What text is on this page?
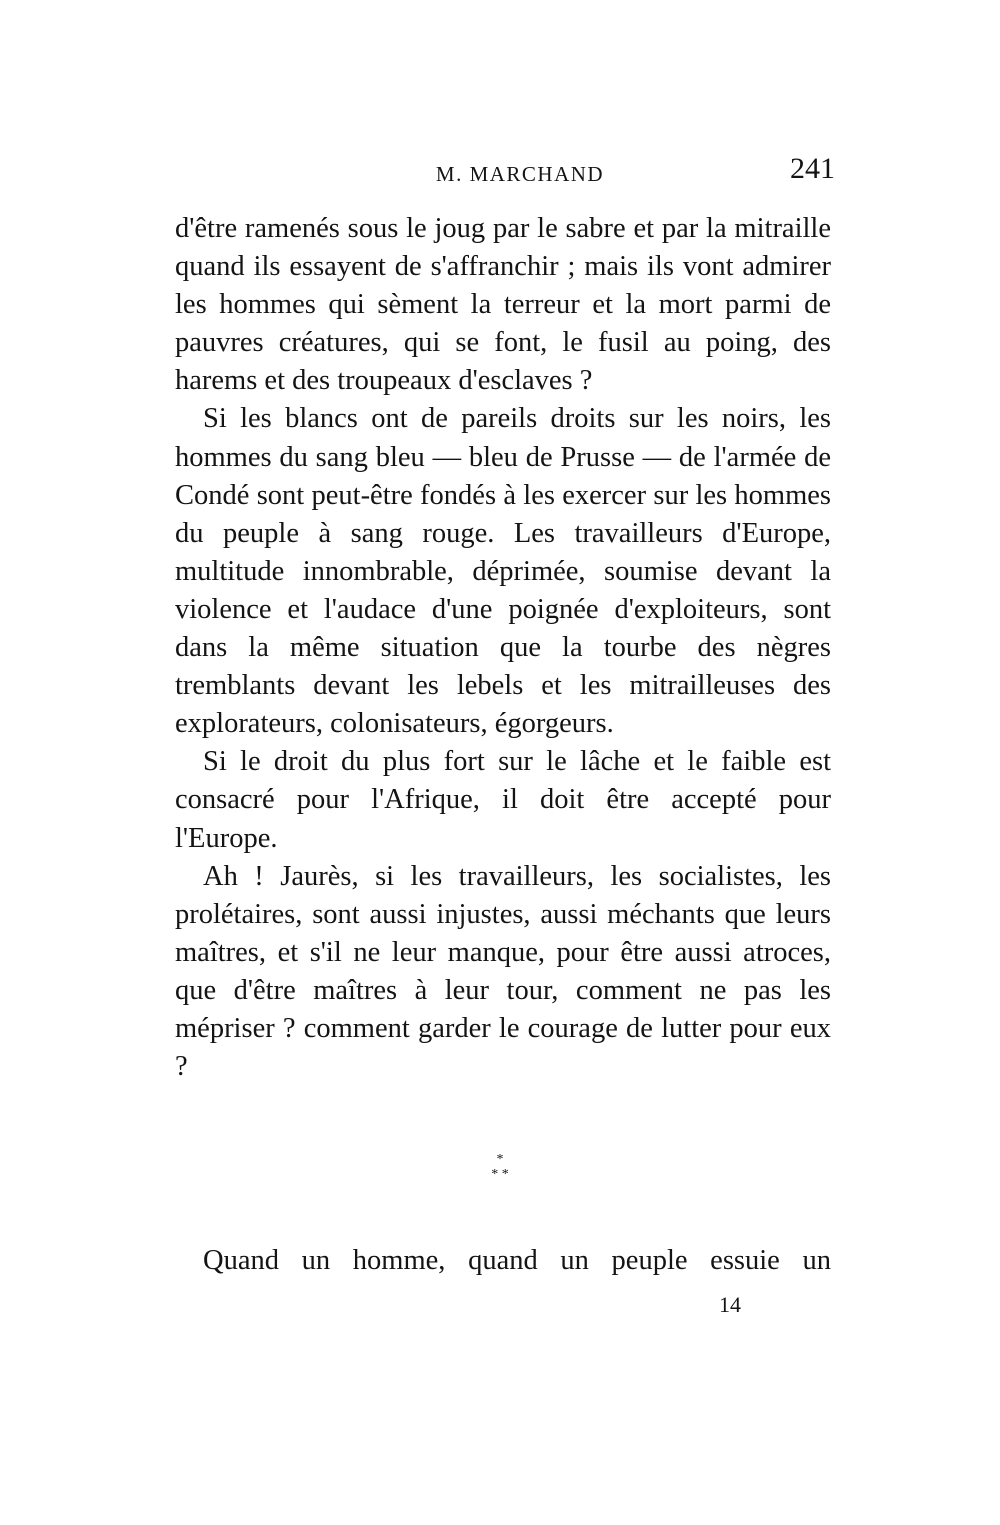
M. MARCHAND	241

d'être ramenés sous le joug par le sabre et par la mitraille quand ils essayent de s'affranchir ; mais ils vont admirer les hommes qui sèment la terreur et la mort parmi de pauvres créatures, qui se font, le fusil au poing, des harems et des troupeaux d'esclaves ?

Si les blancs ont de pareils droits sur les noirs, les hommes du sang bleu — bleu de Prusse — de l'armée de Condé sont peut-être fondés à les exercer sur les hommes du peuple à sang rouge. Les travailleurs d'Europe, multitude innombrable, déprimée, soumise devant la violence et l'audace d'une poignée d'exploiteurs, sont dans la même situation que la tourbe des nègres tremblants devant les lebels et les mitrailleuses des explorateurs, colonisateurs, égorgeurs.

Si le droit du plus fort sur le lâche et le faible est consacré pour l'Afrique, il doit être accepté pour l'Europe.

Ah ! Jaurès, si les travailleurs, les socialistes, les prolétaires, sont aussi injustes, aussi méchants que leurs maîtres, et s'il ne leur manque, pour être aussi atroces, que d'être maîtres à leur tour, comment ne pas les mépriser ? comment garder le courage de lutter pour eux ?

*
* *
Quand un homme, quand un peuple essuie un
14
